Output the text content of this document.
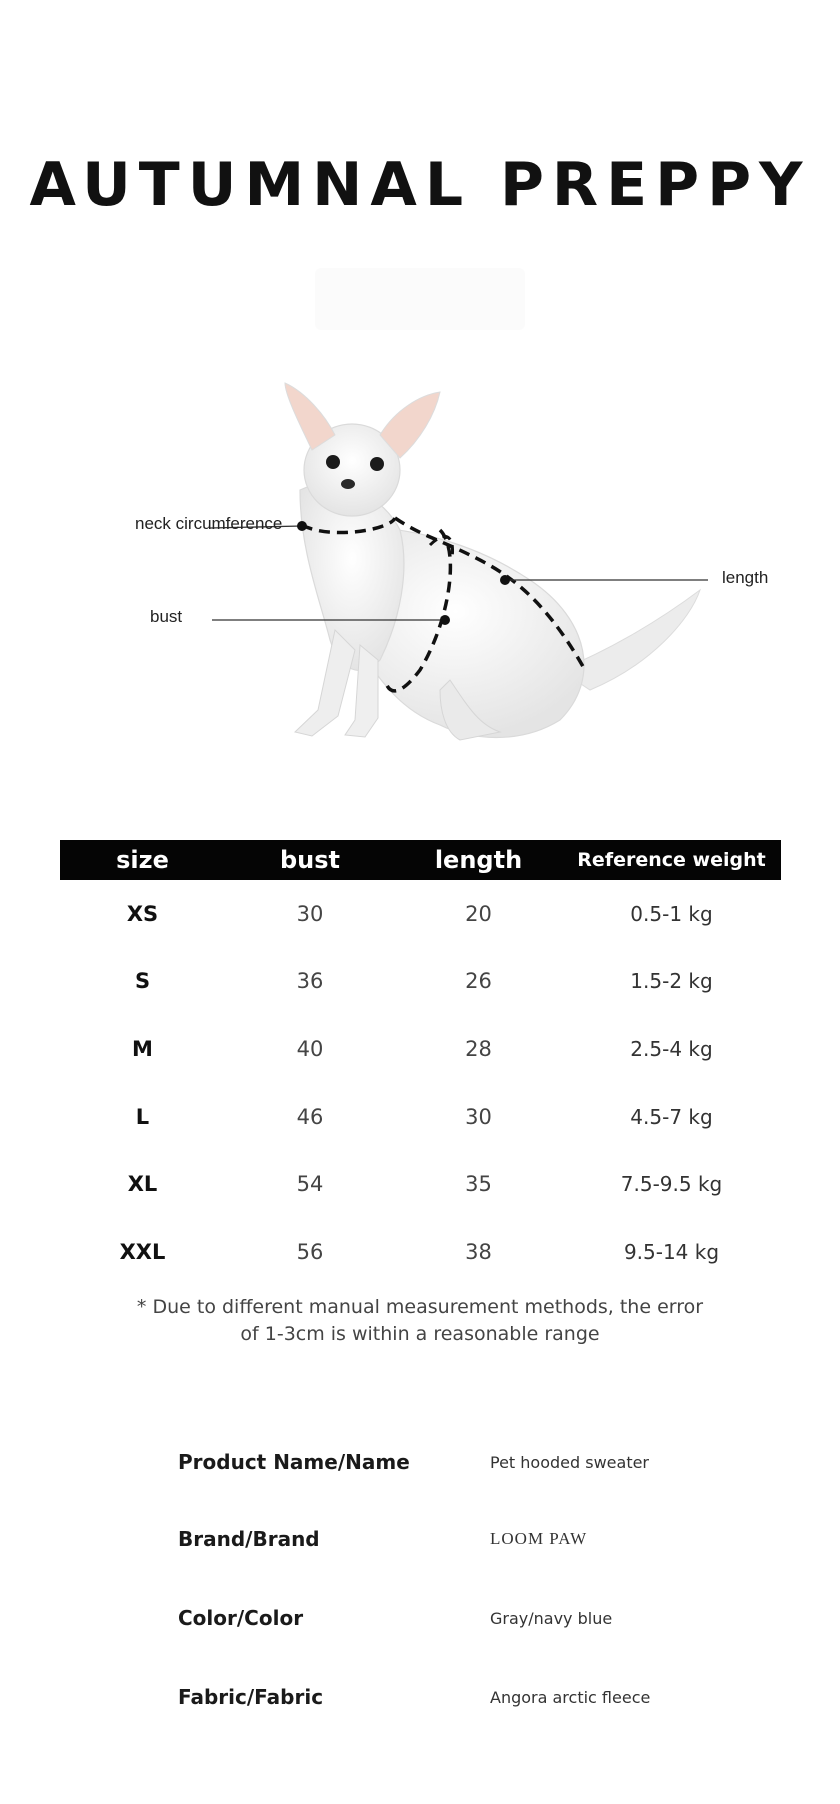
AUTUMNAL PREPPY
neck circumference
bust
length
size	bust	length	Reference weight
XS	30	20	0.5-1 kg
S	36	26	1.5-2 kg
M	40	28	2.5-4 kg
L	46	30	4.5-7 kg
XL	54	35	7.5-9.5 kg
XXL	56	38	9.5-14 kg
* Due to different manual measurement methods, the error
of 1-3cm is within a reasonable range
Product Name/Name	Pet hooded sweater
Brand/Brand	LOOM PAW
Color/Color	Gray/navy blue
Fabric/Fabric	Angora arctic fleece
